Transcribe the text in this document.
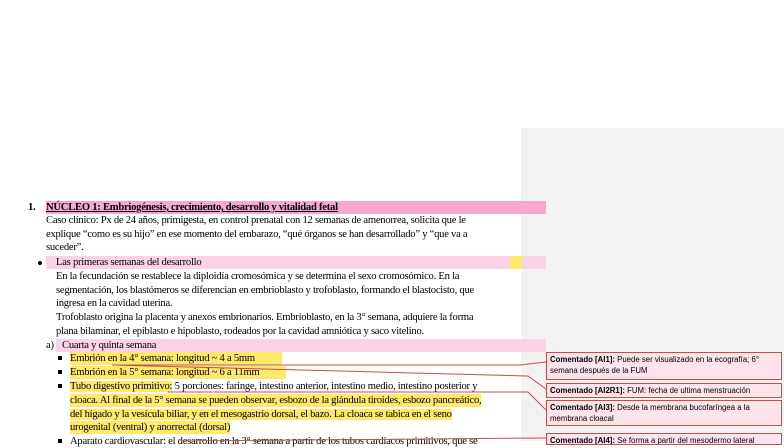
1. NÚCLEO 1: Embriogénesis, crecimiento, desarrollo y vitalidad fetal
Caso clínico: Px de 24 años, primigesta, en control prenatal con 12 semanas de amenorrea, solicita que le
explique “como es su hijo” en ese momento del embarazo, “qué órganos se han desarrollado” y “que va a
suceder”.
Las primeras semanas del desarrollo
En la fecundación se restablece la diploidía cromosómica y se determina el sexo cromosómico. En la
segmentación, los blastómeros se diferencian en embrioblasto y trofoblasto, formando el blastocisto, que
ingresa en la cavidad uterina.
Trofoblasto origina la placenta y anexos embrionarios. Embrioblasto, en la 3° semana, adquiere la forma
plana bilaminar, el epiblasto e hipoblasto, rodeados por la cavidad amniótica y saco vitelino.
a) Cuarta y quinta semana
Embrión en la 4° semana: longitud ~ 4 a 5mm
Embrión en la 5° semana: longitud ~ 6 a 11mm
Tubo digestivo primitivo: 5 porciones: faringe, intestino anterior, intestino medio, intestino posterior y
cloaca. Al final de la 5° semana se pueden observar, esbozo de la glándula tiroides, esbozo pancreático,
del hígado y la vesícula biliar, y en el mesogastrio dorsal, el bazo. La cloaca se tabica en el seno
urogenital (ventral) y anorrectal (dorsal)
Aparato cardiovascular: el desarrollo en la 3° semana a partir de los tubos cardíacos primitivos, que se
Comentado [AI1]: Puede ser visualizado en la ecografía; 6° semana después de la FUM
Comentado [AI2R1]: FUM: fecha de ultima menstruación
Comentado [AI3]: Desde la membrana bucofaríngea a la membrana cloacal
Comentado [AI4]: Se forma a partir del mesodermo lateral
